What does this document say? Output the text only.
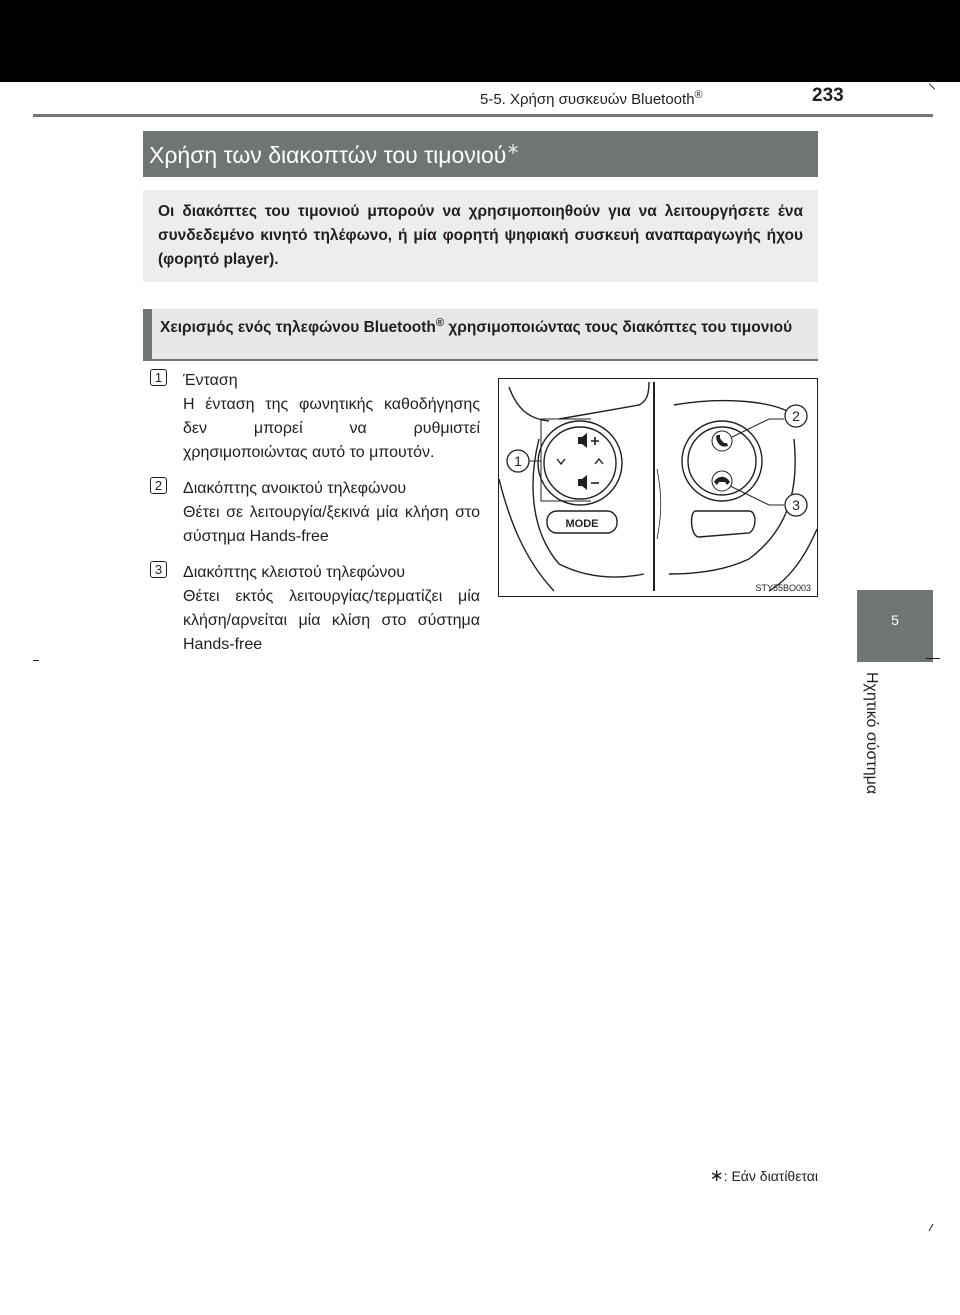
5-5. Χρήση συσκευών Bluetooth®	233
Χρήση των διακοπτών του τιμονιού∗
Οι διακόπτες του τιμονιού μπορούν να χρησιμοποιηθούν για να λειτουργήσετε ένα συνδεδεμένο κινητό τηλέφωνο, ή μία φορητή ψηφιακή συσκευή αναπαραγωγής ήχου (φορητό player).
Χειρισμός ενός τηλεφώνου Bluetooth® χρησιμοποιώντας τους διακόπτες του τιμονιού
1	Ένταση
Η ένταση της φωνητικής καθοδήγησης δεν μπορεί να ρυθμιστεί χρησιμοποιώντας αυτό το μπουτόν.
2	Διακόπτης ανοικτού τηλεφώνου
Θέτει σε λειτουργία/ξεκινά μία κλήση στο σύστημα Hands-free
3	Διακόπτης κλειστού τηλεφώνου
Θέτει εκτός λειτουργίας/τερματίζει μία κλήση/αρνείται μία κλίση στο σύστημα Hands-free
1
2
3
MODE
STY55BO003
5
Ηχητικό σύστημα
∗: Εάν διατίθεται
